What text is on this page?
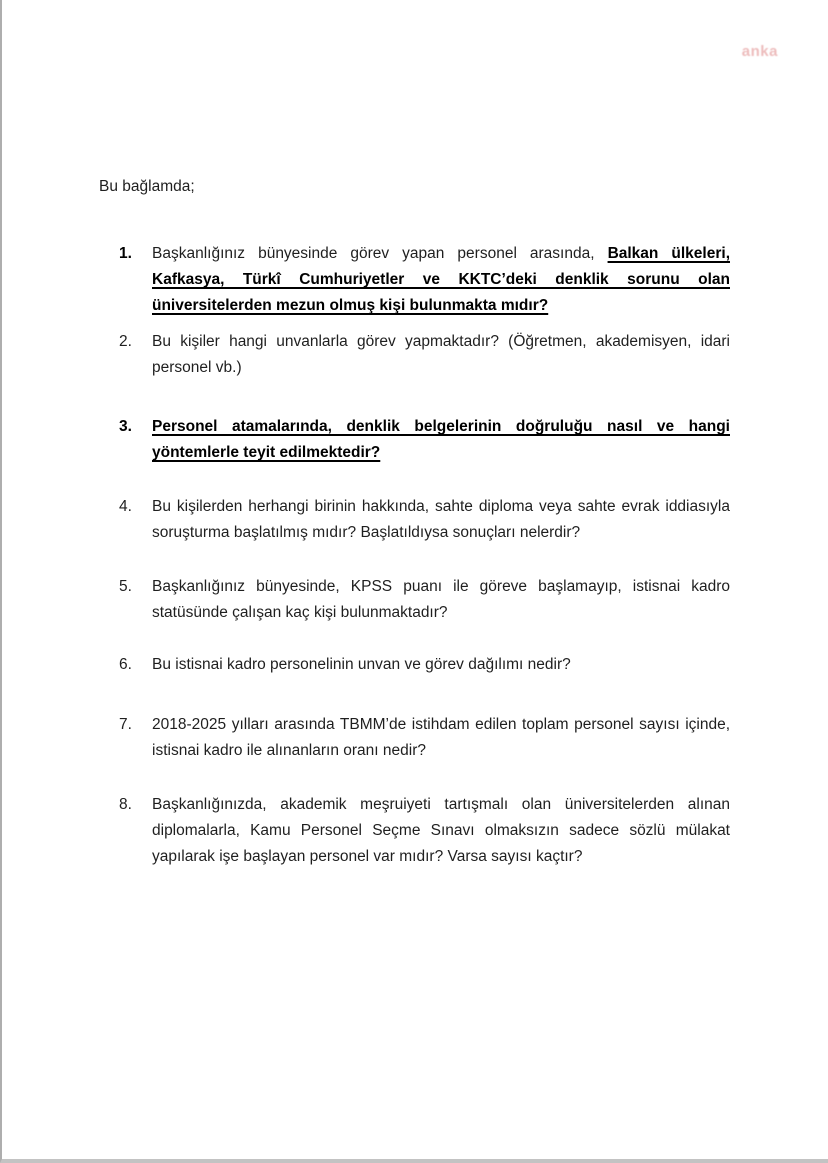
anka

Bu bağlamda;

1.	Başkanlığınız bünyesinde görev yapan personel arasında, Balkan ülkeleri, Kafkasya, Türkî Cumhuriyetler ve KKTC’deki denklik sorunu olan üniversitelerden mezun olmuş kişi bulunmakta mıdır?
2.	Bu kişiler hangi unvanlarla görev yapmaktadır? (Öğretmen, akademisyen, idari personel vb.)
3.	Personel atamalarında, denklik belgelerinin doğruluğu nasıl ve hangi yöntemlerle teyit edilmektedir?
4.	Bu kişilerden herhangi birinin hakkında, sahte diploma veya sahte evrak iddiasıyla soruşturma başlatılmış mıdır? Başlatıldıysa sonuçları nelerdir?
5.	Başkanlığınız bünyesinde, KPSS puanı ile göreve başlamayıp, istisnai kadro statüsünde çalışan kaç kişi bulunmaktadır?
6.	Bu istisnai kadro personelinin unvan ve görev dağılımı nedir?
7.	2018-2025 yılları arasında TBMM’de istihdam edilen toplam personel sayısı içinde, istisnai kadro ile alınanların oranı nedir?
8.	Başkanlığınızda, akademik meşruiyeti tartışmalı olan üniversitelerden alınan diplomalarla, Kamu Personel Seçme Sınavı olmaksızın sadece sözlü mülakat yapılarak işe başlayan personel var mıdır? Varsa sayısı kaçtır?
